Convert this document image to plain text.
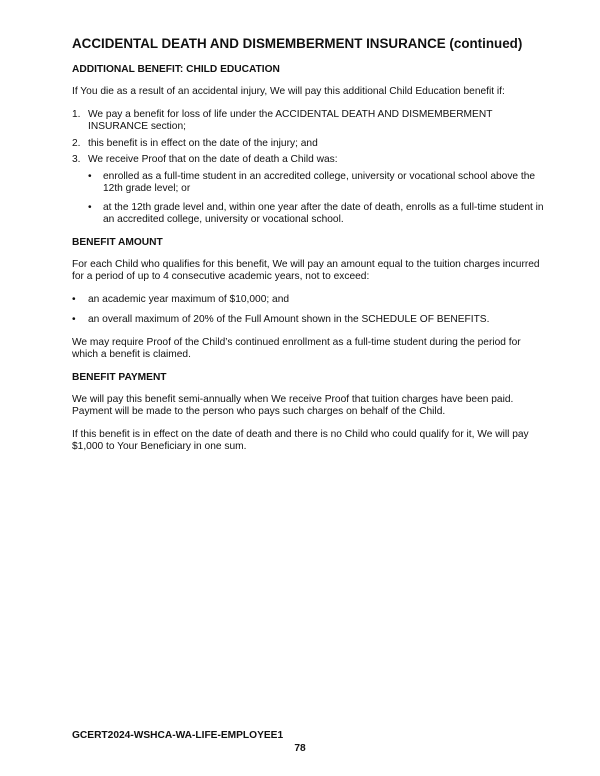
ACCIDENTAL DEATH AND DISMEMBERMENT INSURANCE (continued)
ADDITIONAL BENEFIT: CHILD EDUCATION

If You die as a result of an accidental injury, We will pay this additional Child Education benefit if:

1. We pay a benefit for loss of life under the ACCIDENTAL DEATH AND DISMEMBERMENT INSURANCE section;
2. this benefit is in effect on the date of the injury; and
3. We receive Proof that on the date of death a Child was:
• enrolled as a full-time student in an accredited college, university or vocational school above the 12th grade level; or
• at the 12th grade level and, within one year after the date of death, enrolls as a full-time student in an accredited college, university or vocational school.
BENEFIT AMOUNT

For each Child who qualifies for this benefit, We will pay an amount equal to the tuition charges incurred for a period of up to 4 consecutive academic years, not to exceed:

• an academic year maximum of $10,000; and
• an overall maximum of 20% of the Full Amount shown in the SCHEDULE OF BENEFITS.

We may require Proof of the Child’s continued enrollment as a full-time student during the period for which a benefit is claimed.

BENEFIT PAYMENT

We will pay this benefit semi-annually when We receive Proof that tuition charges have been paid. Payment will be made to the person who pays such charges on behalf of the Child.

If this benefit is in effect on the date of death and there is no Child who could qualify for it, We will pay $1,000 to Your Beneficiary in one sum.

GCERT2024-WSHCA-WA-LIFE-EMPLOYEE1
78
